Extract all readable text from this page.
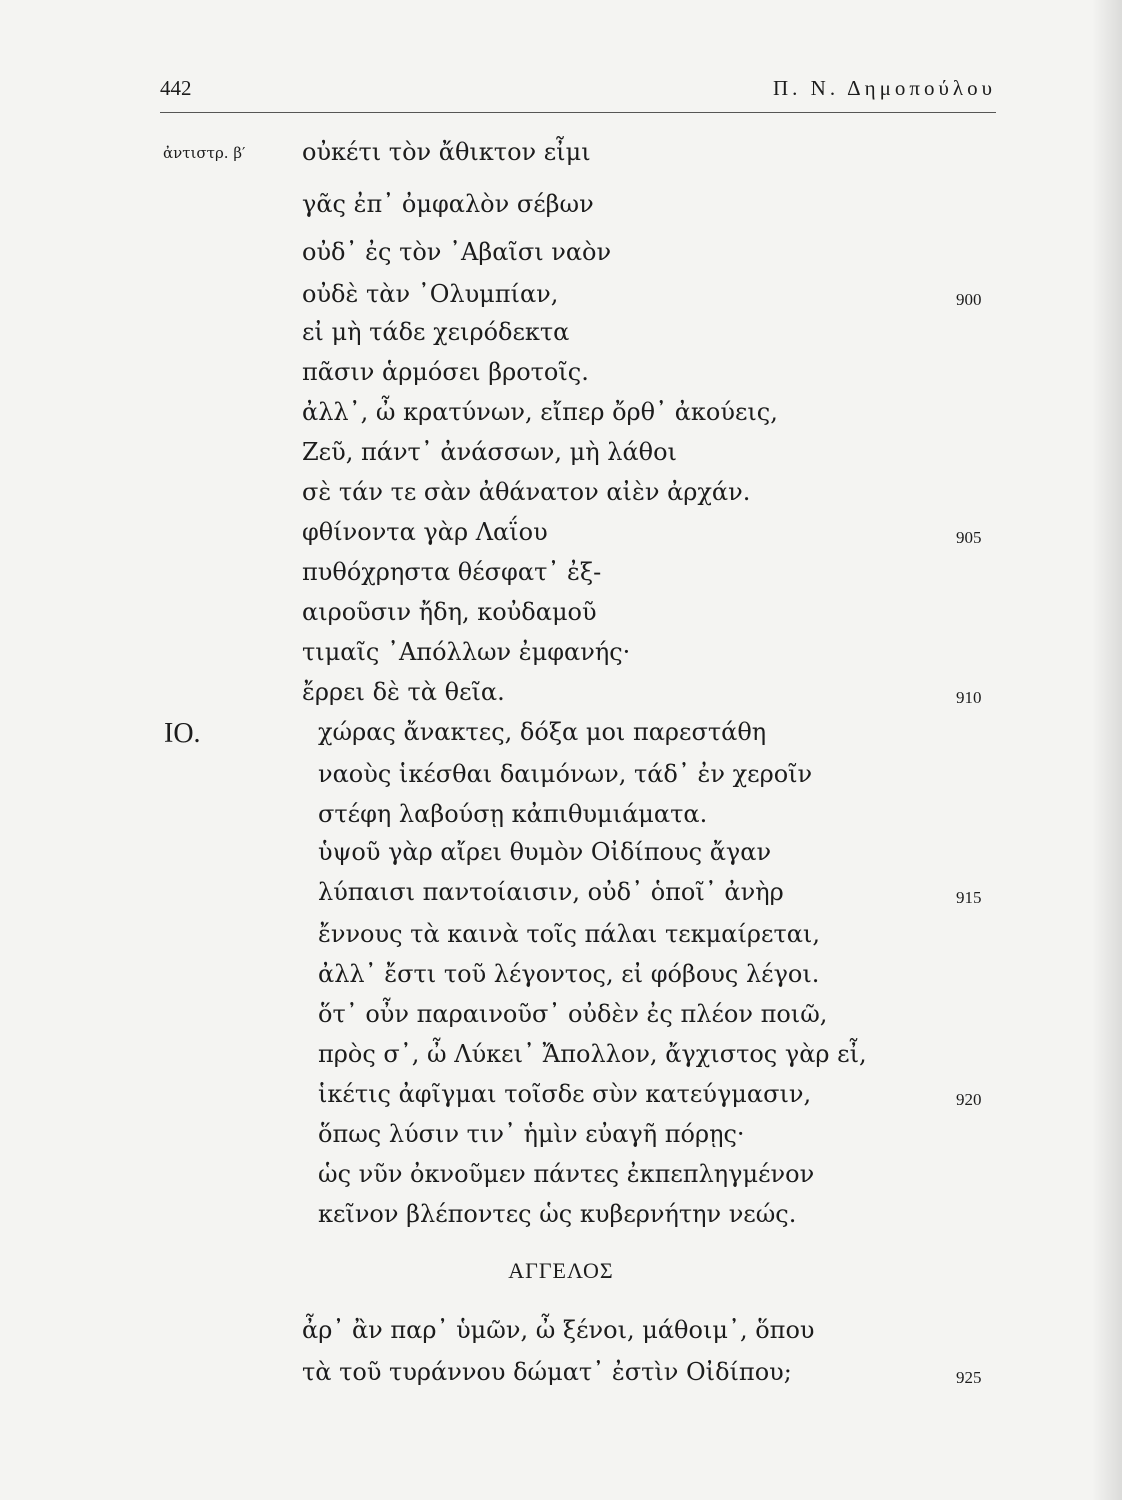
442	Π. Ν. Δημοπούλου
ἀντιστρ. β′ οὐκέτι τὸν ἄθικτον εἶμι
γᾶς ἐπ᾿ ὀμφαλὸν σέβων
οὐδ᾿ ἐς τὸν ᾿Αβαῖσι ναὸν
οὐδὲ τὰν ᾿Ολυμπίαν,	900
εἰ μὴ τάδε χειρόδεκτα
πᾶσιν ἁρμόσει βροτοῖς.
ἀλλ᾿, ὦ κρατύνων, εἴπερ ὄρθ᾿ ἀκούεις,
Ζεῦ, πάντ᾿ ἀνάσσων, μὴ λάθοι
σὲ τάν τε σὰν ἀθάνατον αἰὲν ἀρχάν.
φθίνοντα γὰρ Λαΐου	905
πυθόχρηστα θέσφατ᾿ ἐξ-
αιροῦσιν ἤδη, κοὐδαμοῦ
τιμαῖς ᾿Απόλλων ἐμφανής·
ἔρρει δὲ τὰ θεῖα.	910
ΙΟ.	χώρας ἄνακτες, δόξα μοι παρεστάθη
ναοὺς ἱκέσθαι δαιμόνων, τάδ᾿ ἐν χεροῖν
στέφη λαβούσῃ κἀπιθυμιάματα.
ὑψοῦ γὰρ αἴρει θυμὸν Οἰδίπους ἄγαν
λύπαισι παντοίαισιν, οὐδ᾿ ὁποῖ᾿ ἀνὴρ	915
ἔννους τὰ καινὰ τοῖς πάλαι τεκμαίρεται,
ἀλλ᾿ ἔστι τοῦ λέγοντος, εἰ φόβους λέγοι.
ὅτ᾿ οὖν παραινοῦσ᾿ οὐδὲν ἐς πλέον ποιῶ,
πρὸς σ᾿, ὦ Λύκει᾿ Ἄπολλον, ἄγχιστος γὰρ εἶ,
ἱκέτις ἀφῖγμαι τοῖσδε σὺν κατεύγμασιν,	920
ὅπως λύσιν τιν᾿ ἡμὶν εὐαγῆ πόρῃς·
ὡς νῦν ὀκνοῦμεν πάντες ἐκπεπληγμένον
κεῖνον βλέποντες ὡς κυβερνήτην νεώς.
ΑΓΓΕΛΟΣ
ἆρ᾿ ἂν παρ᾿ ὑμῶν, ὦ ξένοι, μάθοιμ᾿, ὅπου
τὰ τοῦ τυράννου δώματ᾿ ἐστὶν Οἰδίπου;	925
